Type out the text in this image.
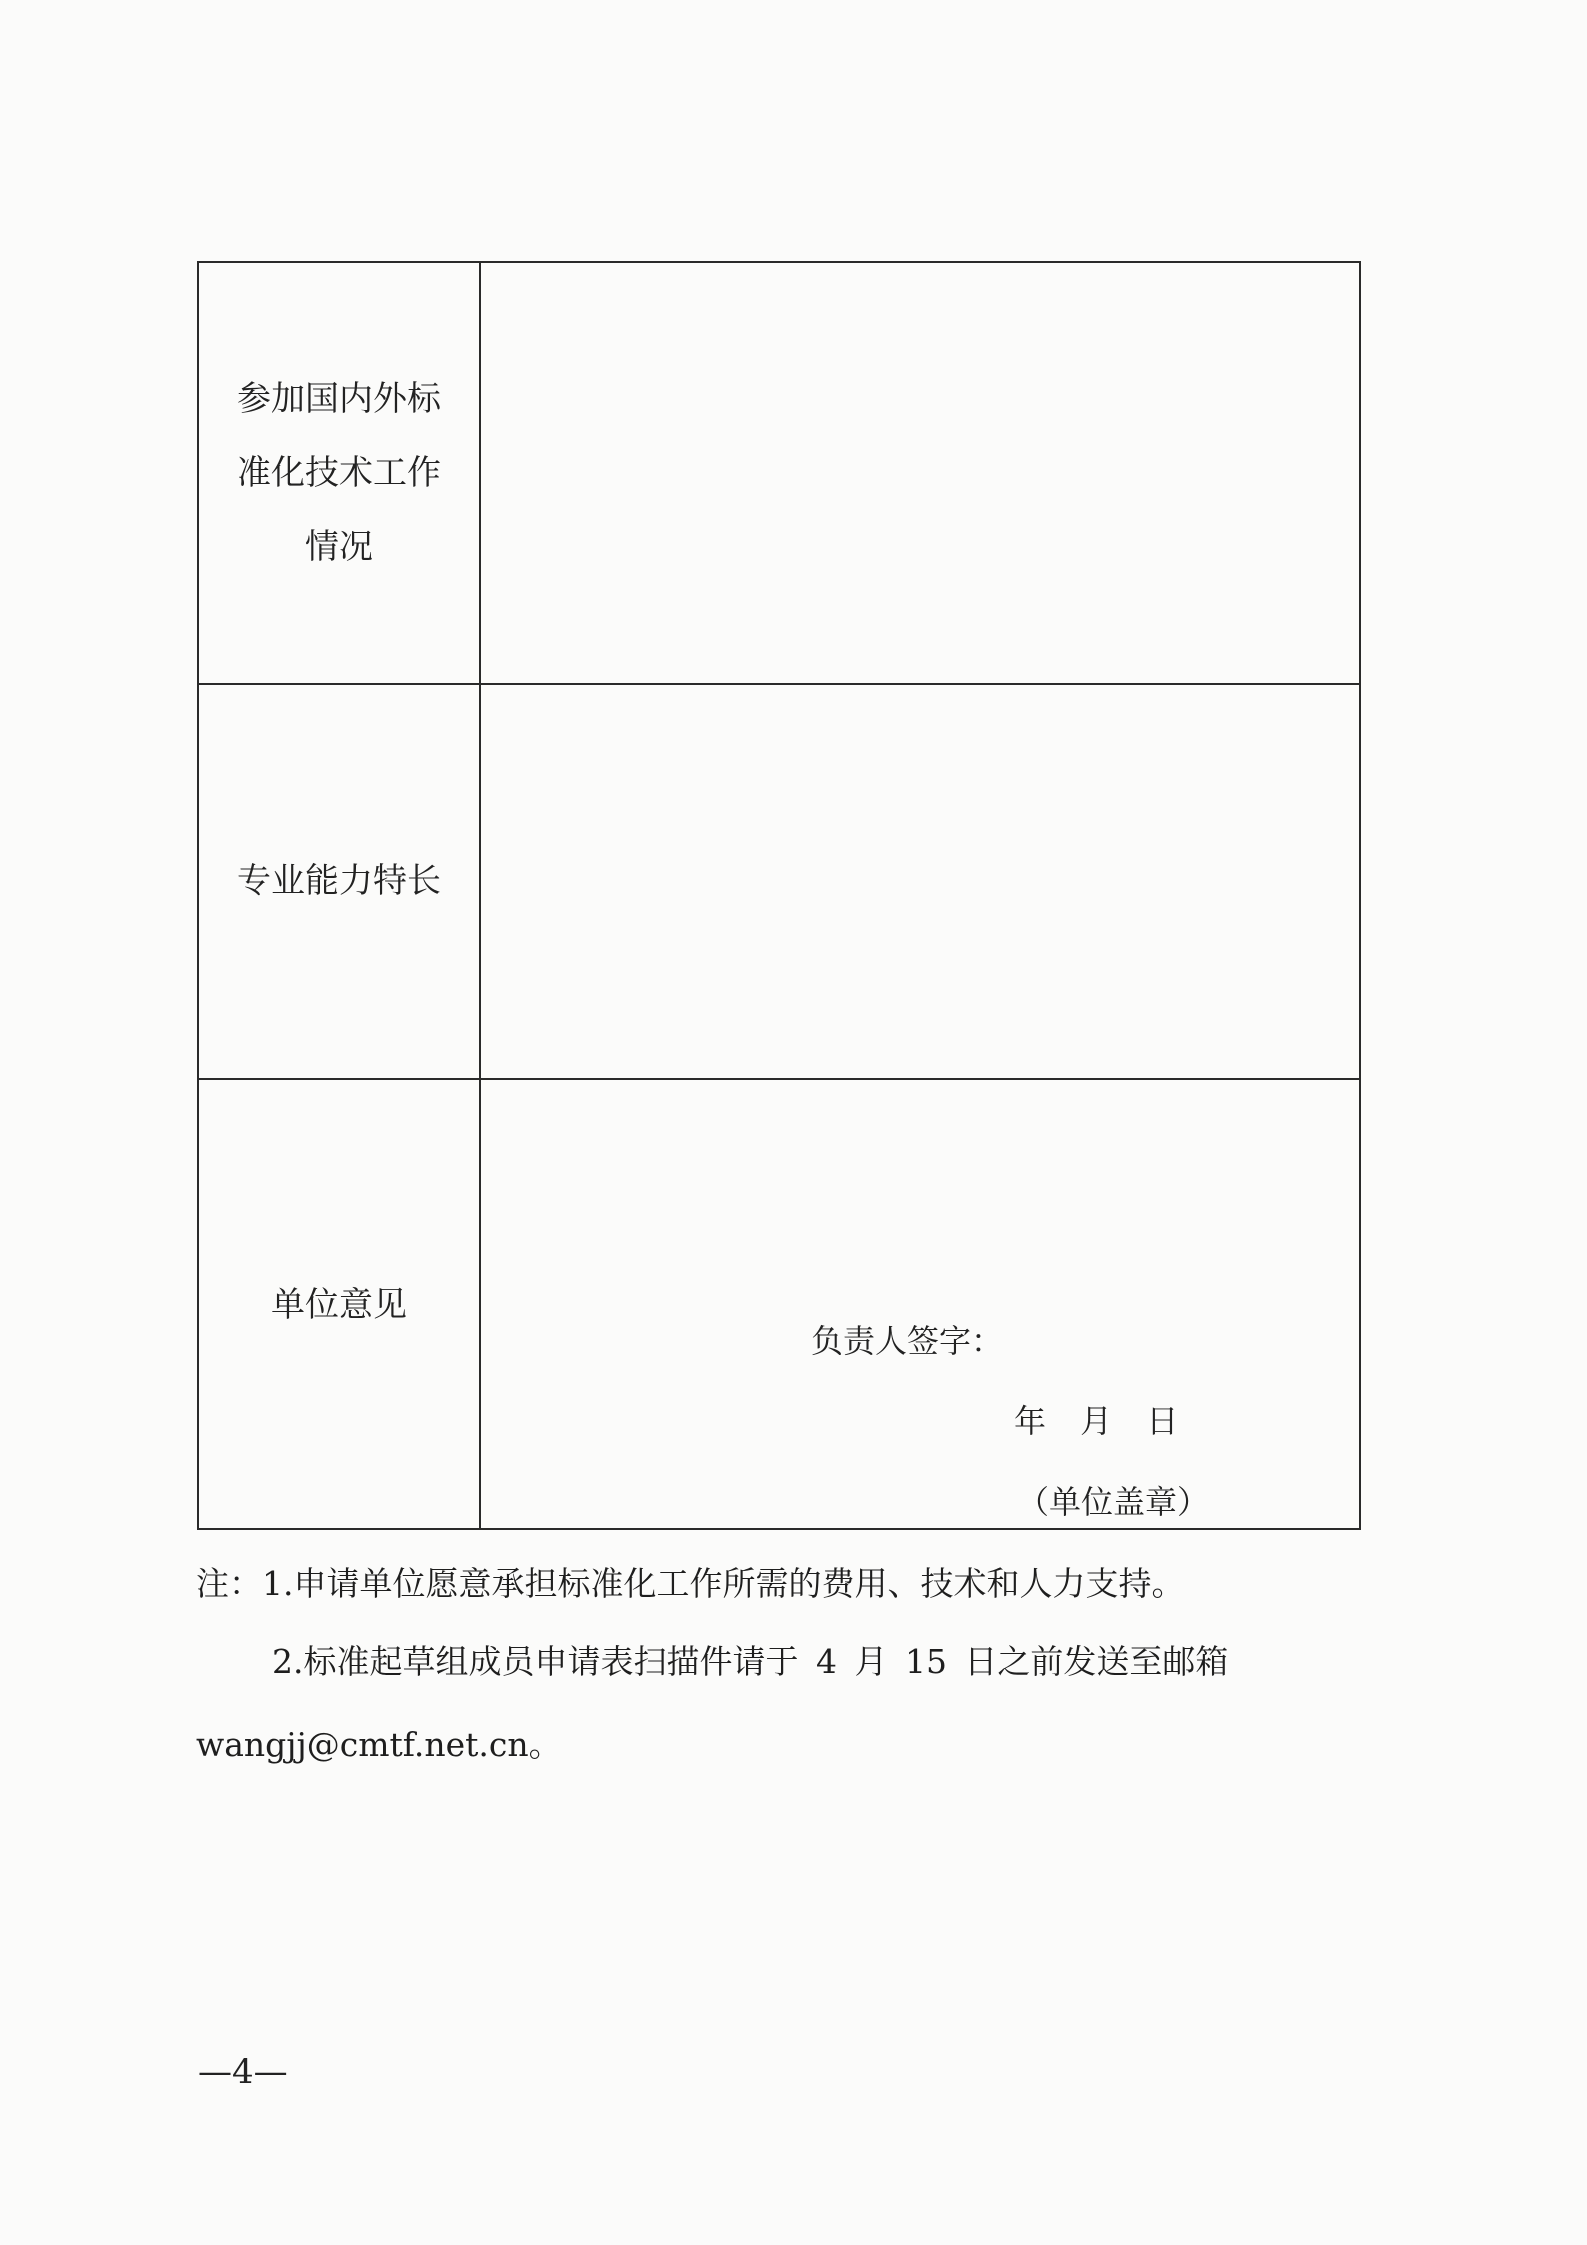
参加国内外标准化技术工作情况
专业能力特长
单位意见
负责人签字：
年 月 日
（单位盖章）
注：1.申请单位愿意承担标准化工作所需的费用、技术和人力支持。
2.标准起草组成员申请表扫描件请于 4 月 15 日之前发送至邮箱
wangjj@cmtf.net.cn。
—4—
